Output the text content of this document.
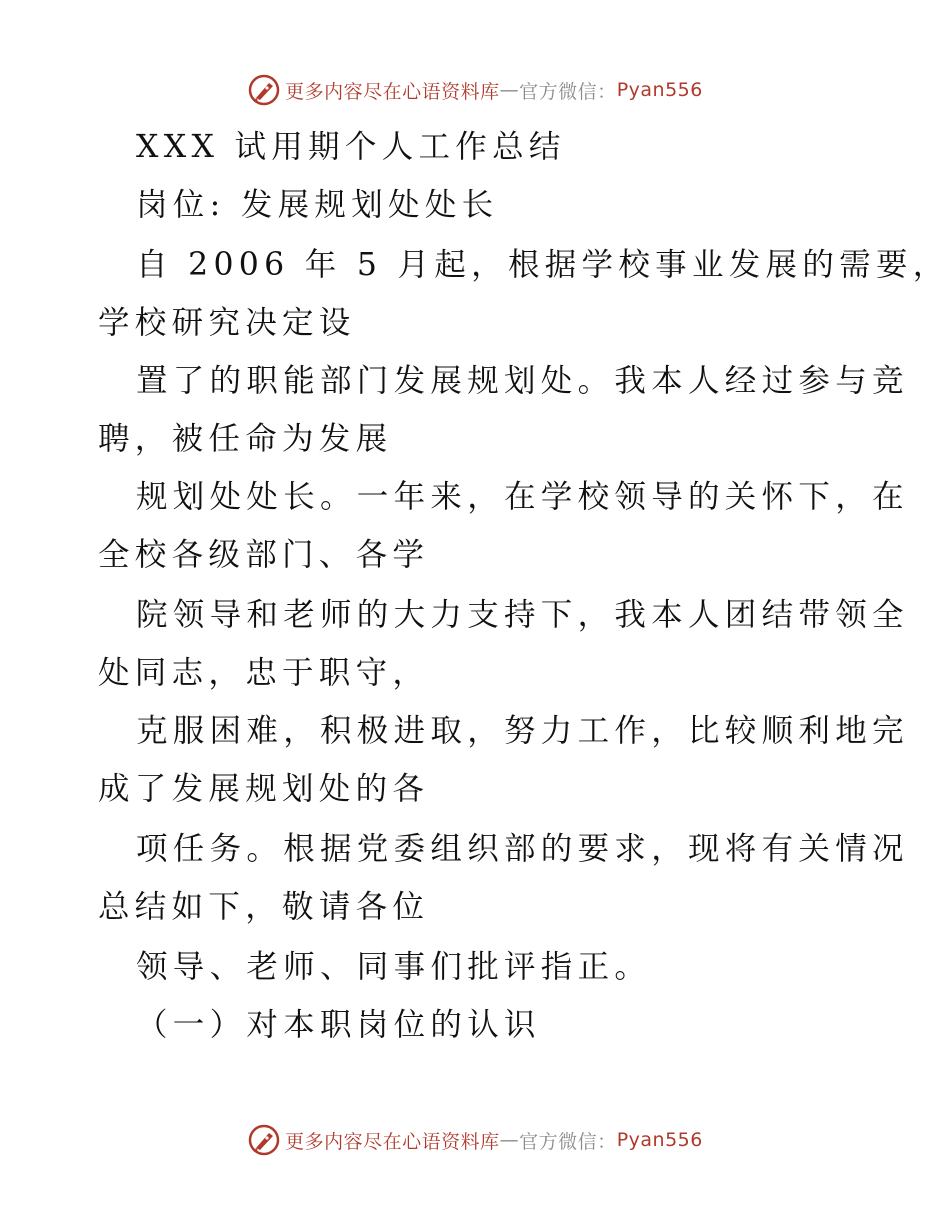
更多内容尽在心语资料库 — 官方微信： Pyan556
XXX 试用期个人工作总结
岗位: 发展规划处处长
自 2006 年 5 月起，根据学校事业发展的需要，
学校研究决定设
置了的职能部门发展规划处。我本人经过参与竞
聘，被任命为发展
规划处处长。一年来，在学校领导的关怀下，在
全校各级部门、各学
院领导和老师的大力支持下，我本人团结带领全
处同志，忠于职守，
克服困难，积极进取，努力工作，比较顺利地完
成了发展规划处的各
项任务。根据党委组织部的要求，现将有关情况
总结如下，敬请各位
领导、老师、同事们批评指正。
（一）对本职岗位的认识
更多内容尽在心语资料库 — 官方微信： Pyan556
